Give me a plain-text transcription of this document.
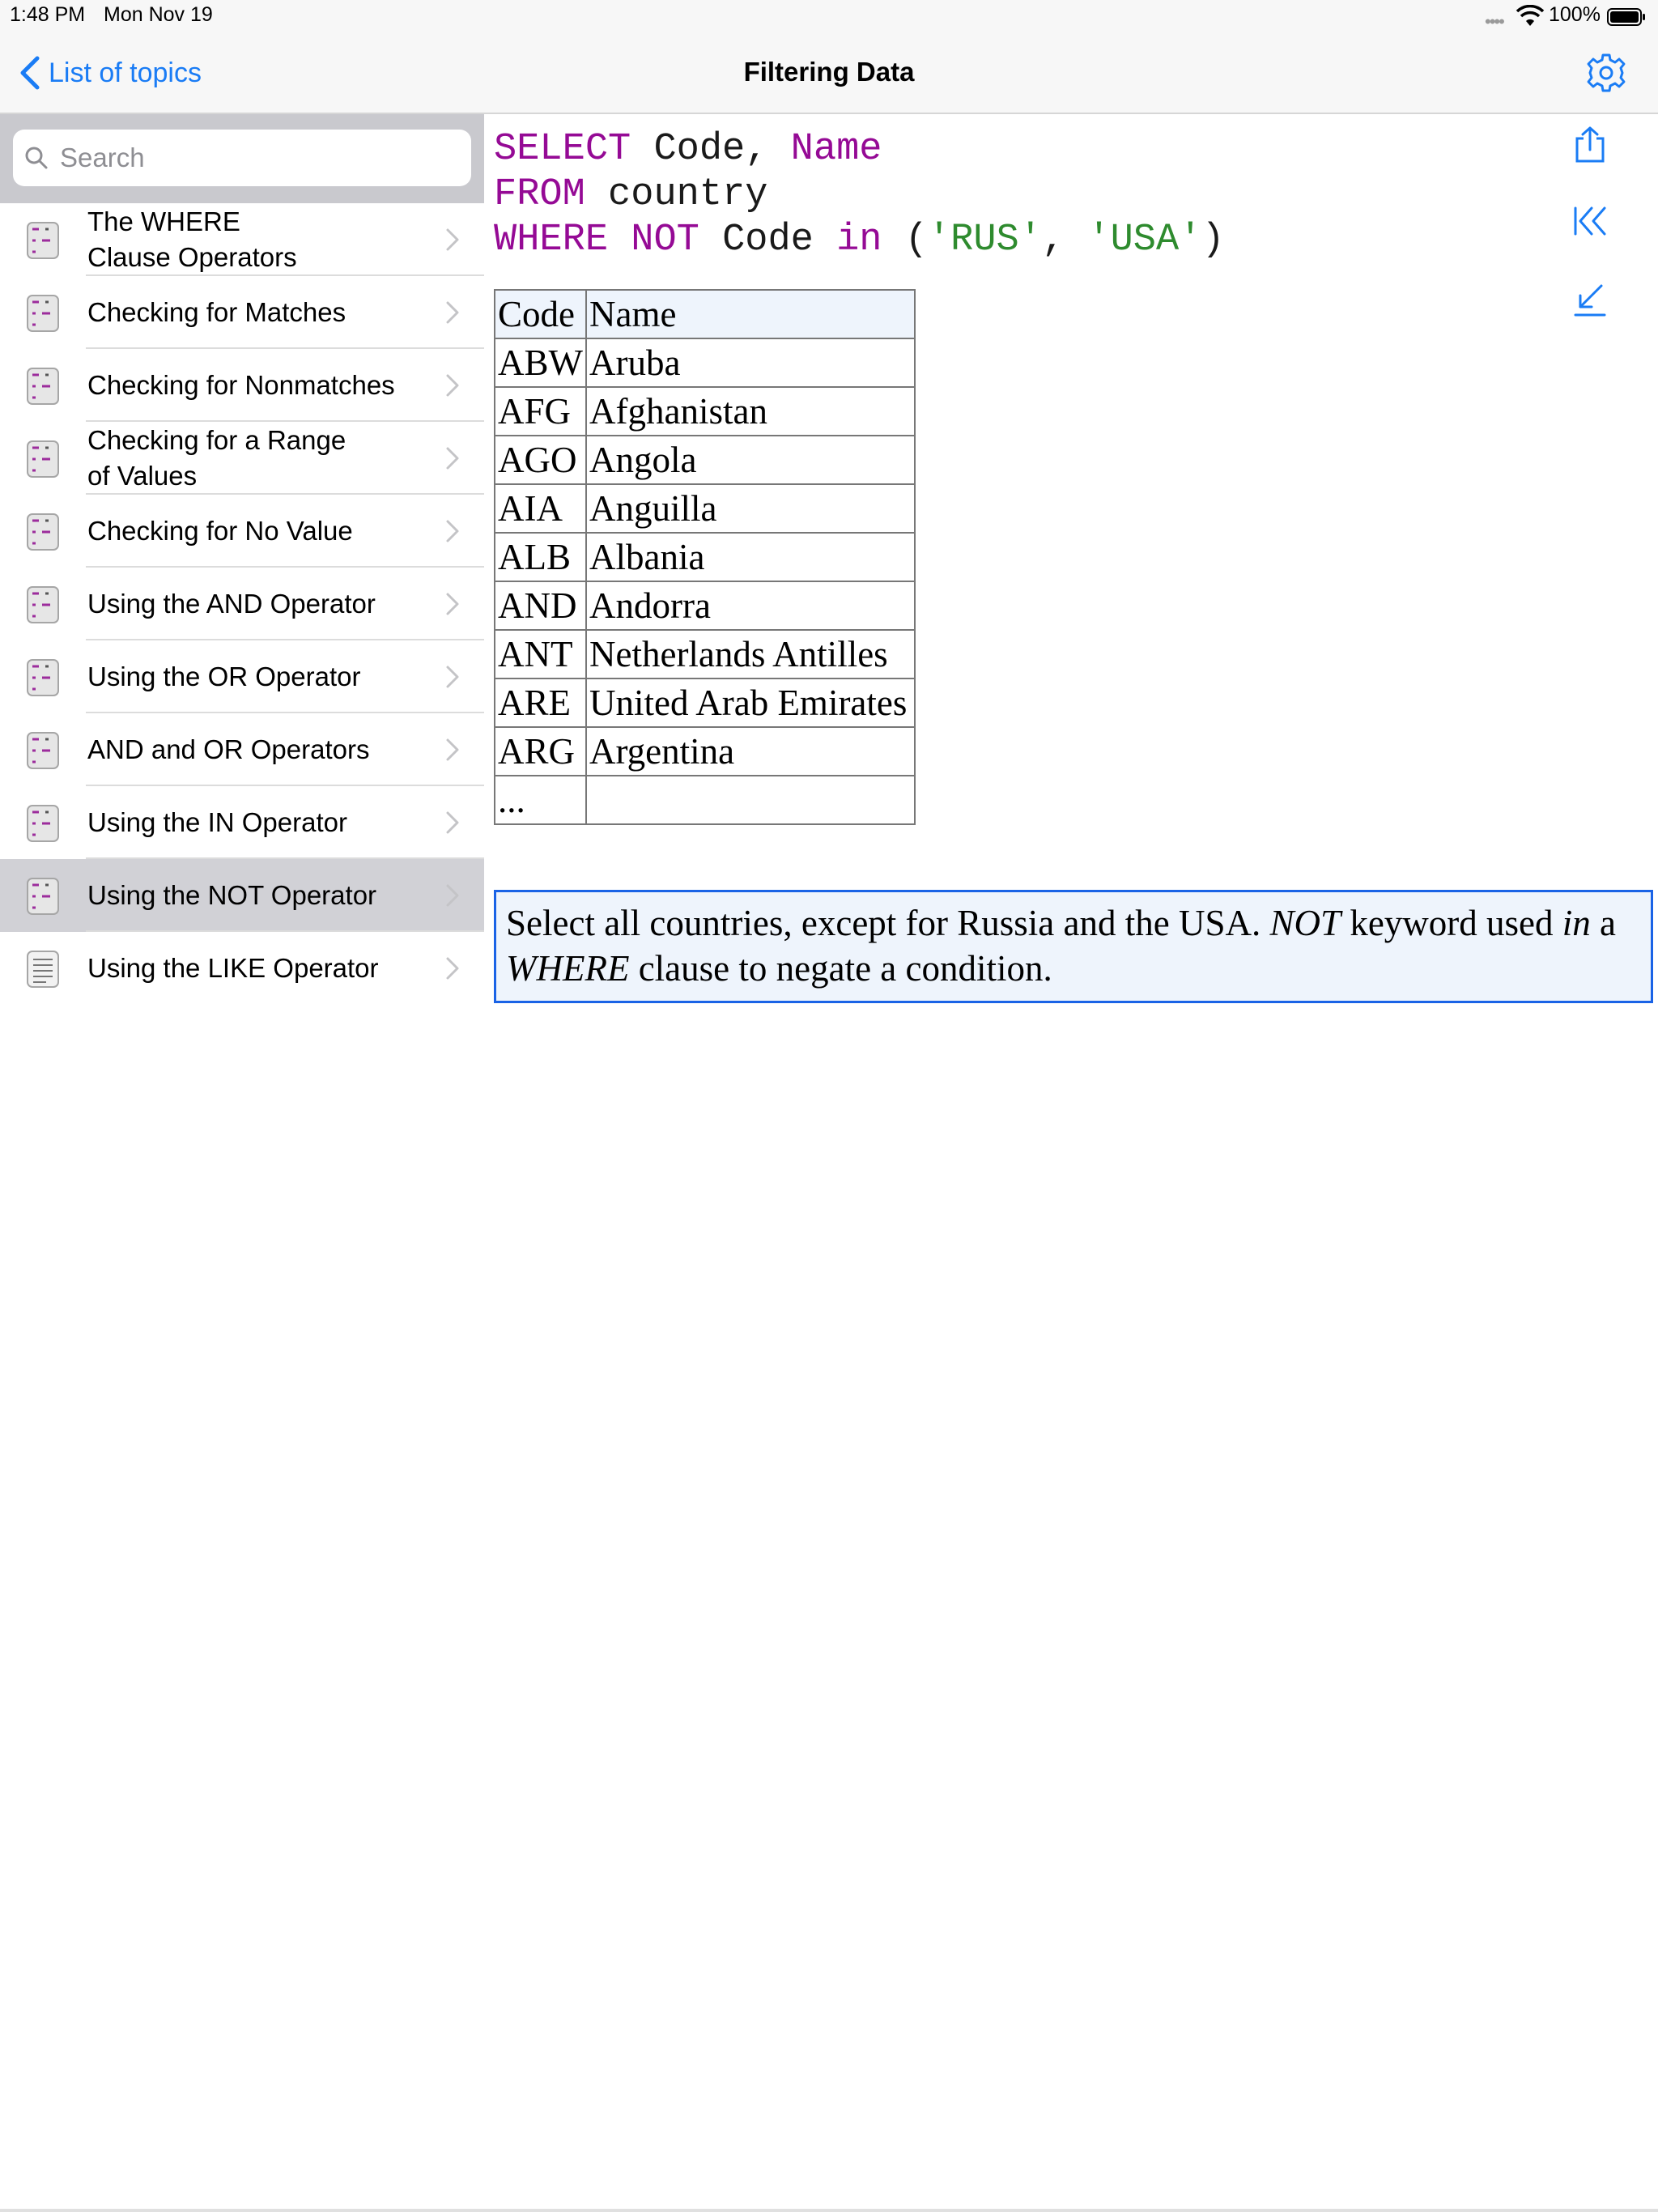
1:48 PM Mon Nov 19	•••• 100%
List of topics	Filtering Data
Search
The WHERE
Clause Operators
Checking for Matches
Checking for Nonmatches
Checking for a Range
of Values
Checking for No Value
Using the AND Operator
Using the OR Operator
AND and OR Operators
Using the IN Operator
Using the NOT Operator
Using the LIKE Operator
SELECT Code, Name
FROM country
WHERE NOT Code in ('RUS', 'USA')
Code	Name
ABW	Aruba
AFG	Afghanistan
AGO	Angola
AIA	Anguilla
ALB	Albania
AND	Andorra
ANT	Netherlands Antilles
ARE	United Arab Emirates
ARG	Argentina
...	
Select all countries, except for Russia and the USA. NOT keyword used in a WHERE clause to negate a condition.
